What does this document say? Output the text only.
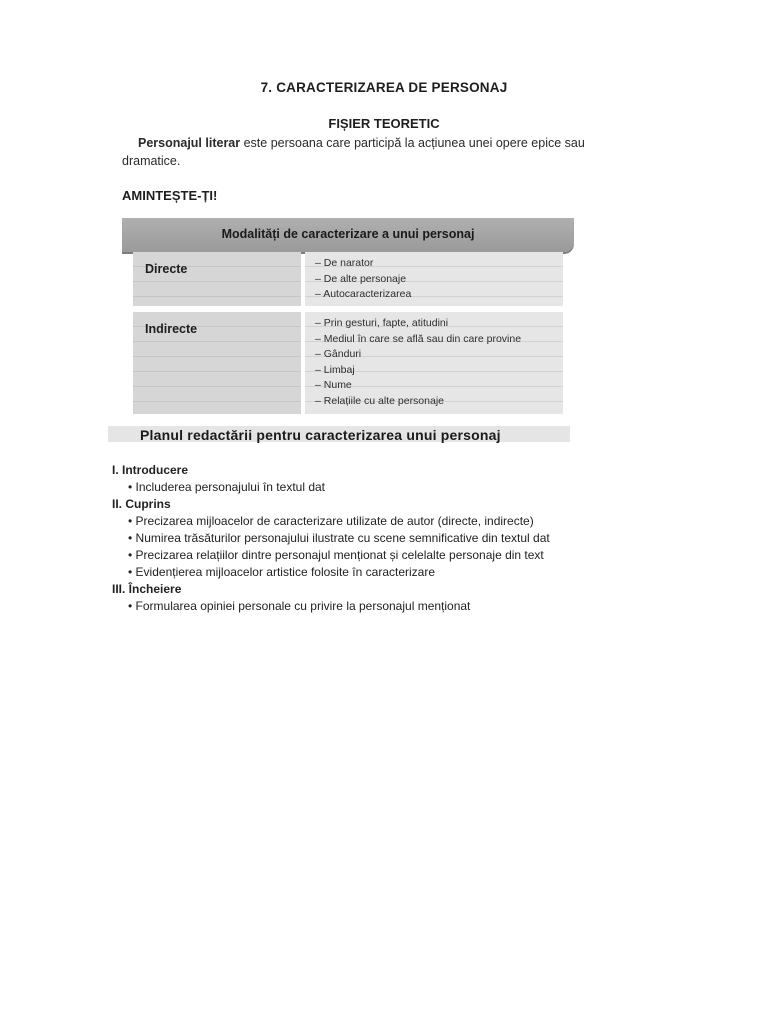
7. CARACTERIZAREA DE PERSONAJ
FIȘIER TEORETIC
Personajul literar este persoana care participă la acțiunea unei opere epice sau dramatice.
AMINTEȘTE-ȚI!
Modalități de caracterizare a unui personaj
Directe	– De narator
– De alte personaje
– Autocaracterizarea
Indirecte	– Prin gesturi, fapte, atitudini
– Mediul în care se află sau din care provine
– Gânduri
– Limbaj
– Nume
– Relațiile cu alte personaje
Planul redactării pentru caracterizarea unui personaj
I. Introducere
• Includerea personajului în textul dat
II. Cuprins
• Precizarea mijloacelor de caracterizare utilizate de autor (directe, indirecte)
• Numirea trăsăturilor personajului ilustrate cu scene semnificative din textul dat
• Precizarea relațiilor dintre personajul menționat și celelalte personaje din text
• Evidențierea mijloacelor artistice folosite în caracterizare
III. Încheiere
• Formularea opiniei personale cu privire la personajul menționat
